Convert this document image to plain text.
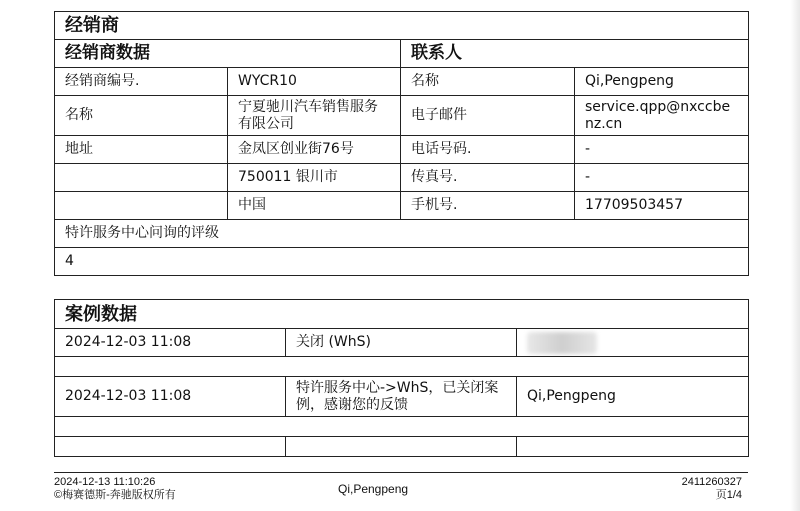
经销商			
经销商数据		联系人	
经销商编号.	WYCR10	名称	Qi,Pengpeng
名称	宁夏驰川汽车销售服务有限公司	电子邮件	service.qpp@nxccbenz.cn
地址	金凤区创业街76号	电话号码.	-
	750011 银川市	传真号.	-
	中国	手机号.	17709503457
特许服务中心问询的评级			
4			
案例数据		
2024-12-03 11:08	关闭 (WhS)	

2024-12-03 11:08	特许服务中心->WhS，已关闭案例，感谢您的反馈	Qi,Pengpeng

2024-12-13 11:10:26
©梅赛德斯-奔驰版权所有	Qi,Pengpeng	2411260327
页1/4
